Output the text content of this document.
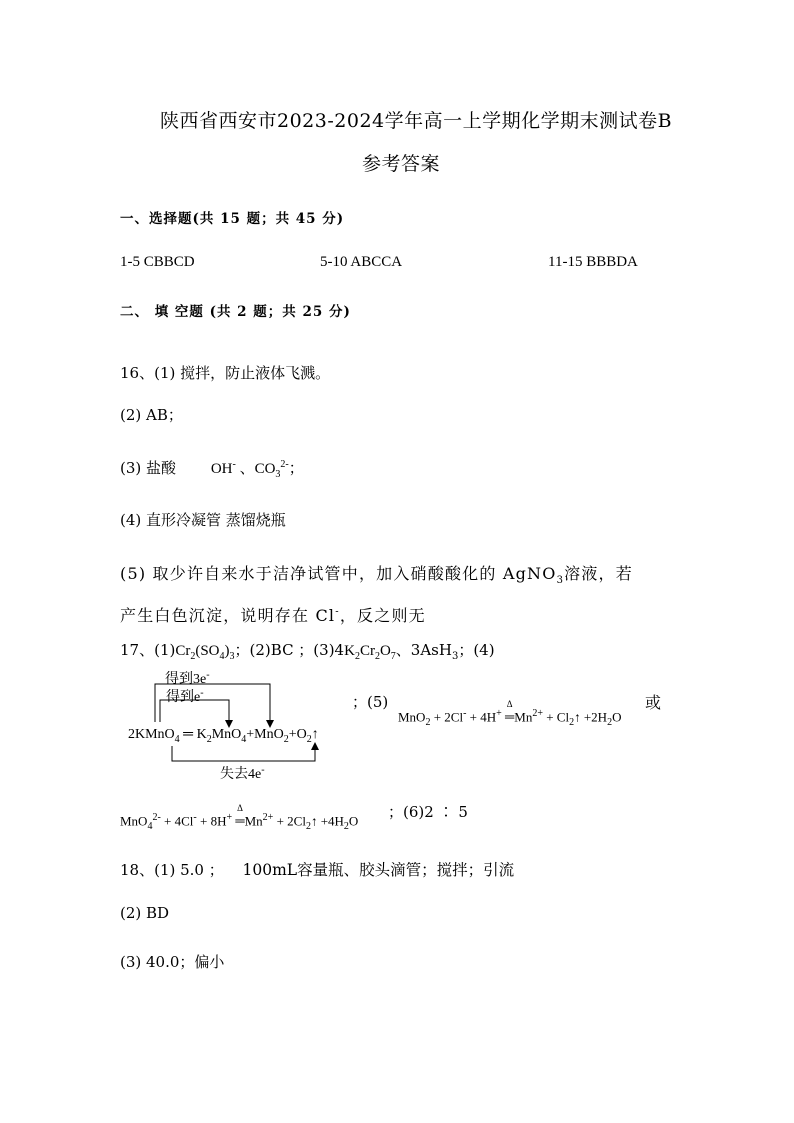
陕西省西安市2023-2024学年高一上学期化学期末测试卷B
参考答案
一、选择题(共 15 题；共 45 分)
1-5 CBBCD	5-10 ABCCA	11-15 BBBDA
二、 填 空题 (共 2 题；共 25 分)
16、(1) 搅拌，防止液体飞溅。
(2) AB；
(3) 盐酸 OH- 、$CO_3^{2-}$；
(4) 直形冷凝管 蒸馏烧瓶
(5) 取少许自来水于洁净试管中，加入硝酸酸化的 AgNO$_3$溶液，若
产生白色沉淀，说明存在 Cl-，反之则无
17、$(1)Cr_2(SO_4)_3$；(2)BC ；$(3)4K_2Cr_2O_7$、3AsH$_3$；(4)
得到3e-
得到e-
2KMnO$_4$ ═ $K_2MnO_4+MnO_2+O_2↑$
失去4e-
；(5)
MnO$_2$ + 2Cl- + 4H+ $^\Delta$
$═Mn^{2+}$ + $Cl_2↑ +2H_2O$
或
MnO$_4^{2-}$ + 4Cl- + 8H+ $^\Delta$
$═Mn^{2+}$ + $2Cl_2↑ +4H_2O$ ；(6)2 ∶ 5
18、(1) 5.0 ； 100mL容量瓶、胶头滴管；搅拌；引流
(2) BD
(3) 40.0；偏小
